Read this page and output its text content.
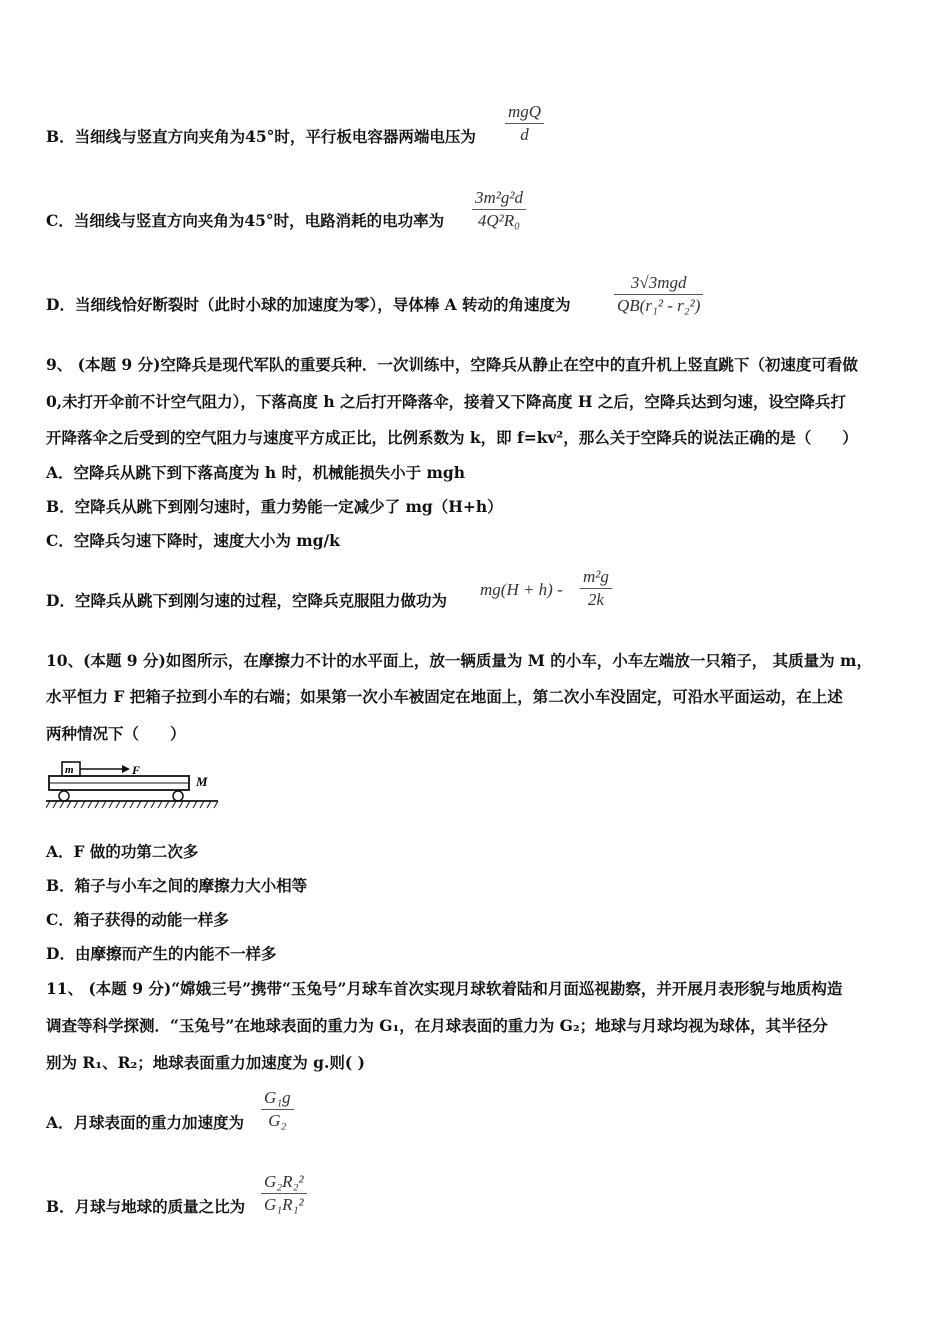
B．当细线与竖直方向夹角为45°时，平行板电容器两端电压为
mgQ
d
C．当细线与竖直方向夹角为45°时，电路消耗的电功率为 $\frac{\text{3m²g²d}}{\text{4Q²R₀}}$
D．当细线恰好断裂时（此时小球的加速度为零），导体棒 A 转动的角速度为
3√3mgd
QB(r₁² - r₂²)
9、 (本题 9 分)空降兵是现代军队的重要兵种．一次训练中，空降兵从静止在空中的直升机上竖直跳下（初速度可看做
0,未打开伞前不计空气阻力），下落高度 h 之后打开降落伞，接着又下降高度 H 之后，空降兵达到匀速，设空降兵打
开降落伞之后受到的空气阻力与速度平方成正比，比例系数为 k，即 f=kv²，那么关于空降兵的说法正确的是（　　）
A．空降兵从跳下到下落高度为 h 时，机械能损失小于 mgh
B．空降兵从跳下到刚匀速时，重力势能一定减少了 mg（H+h）
C．空降兵匀速下降时，速度大小为 mg/k
D．空降兵从跳下到刚匀速的过程，空降兵克服阻力做功为
$mg(H + h) - \frac{\text{m²g}}{2k}$
10、(本题 9 分)如图所示，在摩擦力不计的水平面上，放一辆质量为 M 的小车，小车左端放一只箱子， 其质量为 m，
水平恒力 F 把箱子拉到小车的右端；如果第一次小车被固定在地面上，第二次小车没固定，可沿水平面运动，在上述
两种情况下（　　）
m	F
M
A．F 做的功第二次多
B．箱子与小车之间的摩擦力大小相等
C．箱子获得的动能一样多
D．由摩擦而产生的内能不一样多
11、 (本题 9 分)“嫦娥三号”携带“玉兔号”月球车首次实现月球软着陆和月面巡视勘察，并开展月表形貌与地质构造
调查等科学探测．“玉兔号”在地球表面的重力为 G₁，在月球表面的重力为 G₂；地球与月球均视为球体，其半径分
别为 R₁、R₂；地球表面重力加速度为 g.则( )
A．月球表面的重力加速度为 $\frac{\text{G₁g}}{\text{G₂}}$
B．月球与地球的质量之比为 $\frac{\text{G₂R₂²}}{\text{G₁R₁²}}$
